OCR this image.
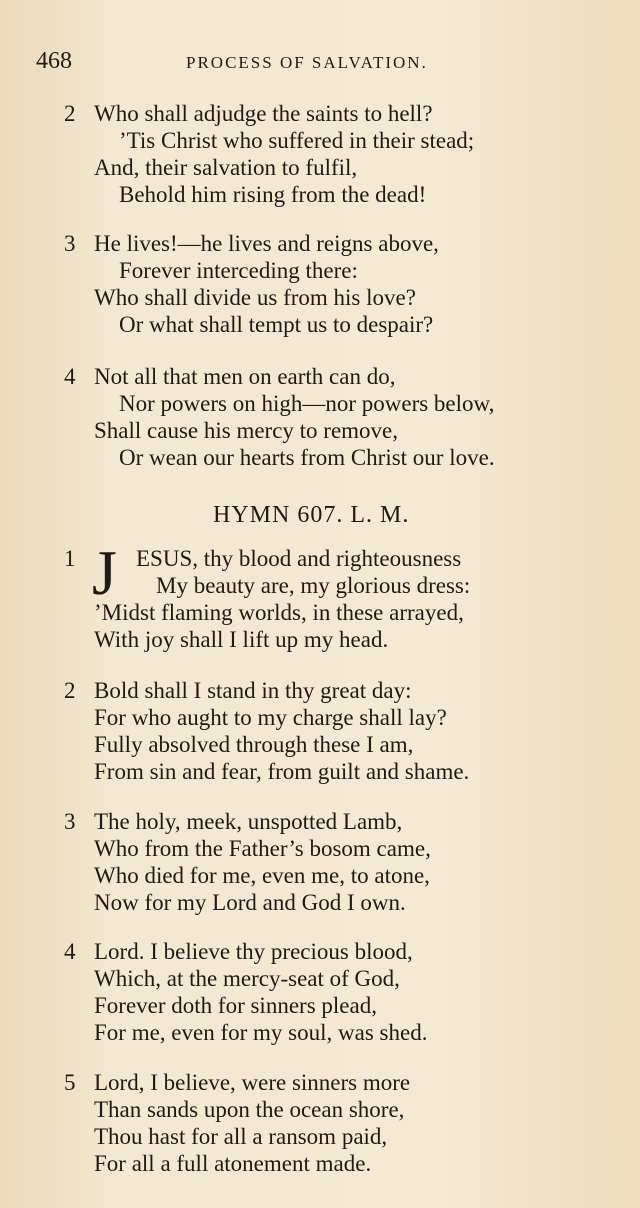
468	PROCESS OF SALVATION.
2 Who shall adjudge the saints to hell?
’Tis Christ who suffered in their stead;
And, their salvation to fulfil,
Behold him rising from the dead!
3 He lives!—he lives and reigns above,
Forever interceding there:
Who shall divide us from his love?
Or what shall tempt us to despair?
4 Not all that men on earth can do,
Nor powers on high—nor powers below,
Shall cause his mercy to remove,
Or wean our hearts from Christ our love.
HYMN 607. L. M.
1 J ESUS, thy blood and righteousness
My beauty are, my glorious dress:
’Midst flaming worlds, in these arrayed,
With joy shall I lift up my head.
2 Bold shall I stand in thy great day:
For who aught to my charge shall lay?
Fully absolved through these I am,
From sin and fear, from guilt and shame.
3 The holy, meek, unspotted Lamb,
Who from the Father’s bosom came,
Who died for me, even me, to atone,
Now for my Lord and God I own.
4 Lord. I believe thy precious blood,
Which, at the mercy-seat of God,
Forever doth for sinners plead,
For me, even for my soul, was shed.
5 Lord, I believe, were sinners more
Than sands upon the ocean shore,
Thou hast for all a ransom paid,
For all a full atonement made.
